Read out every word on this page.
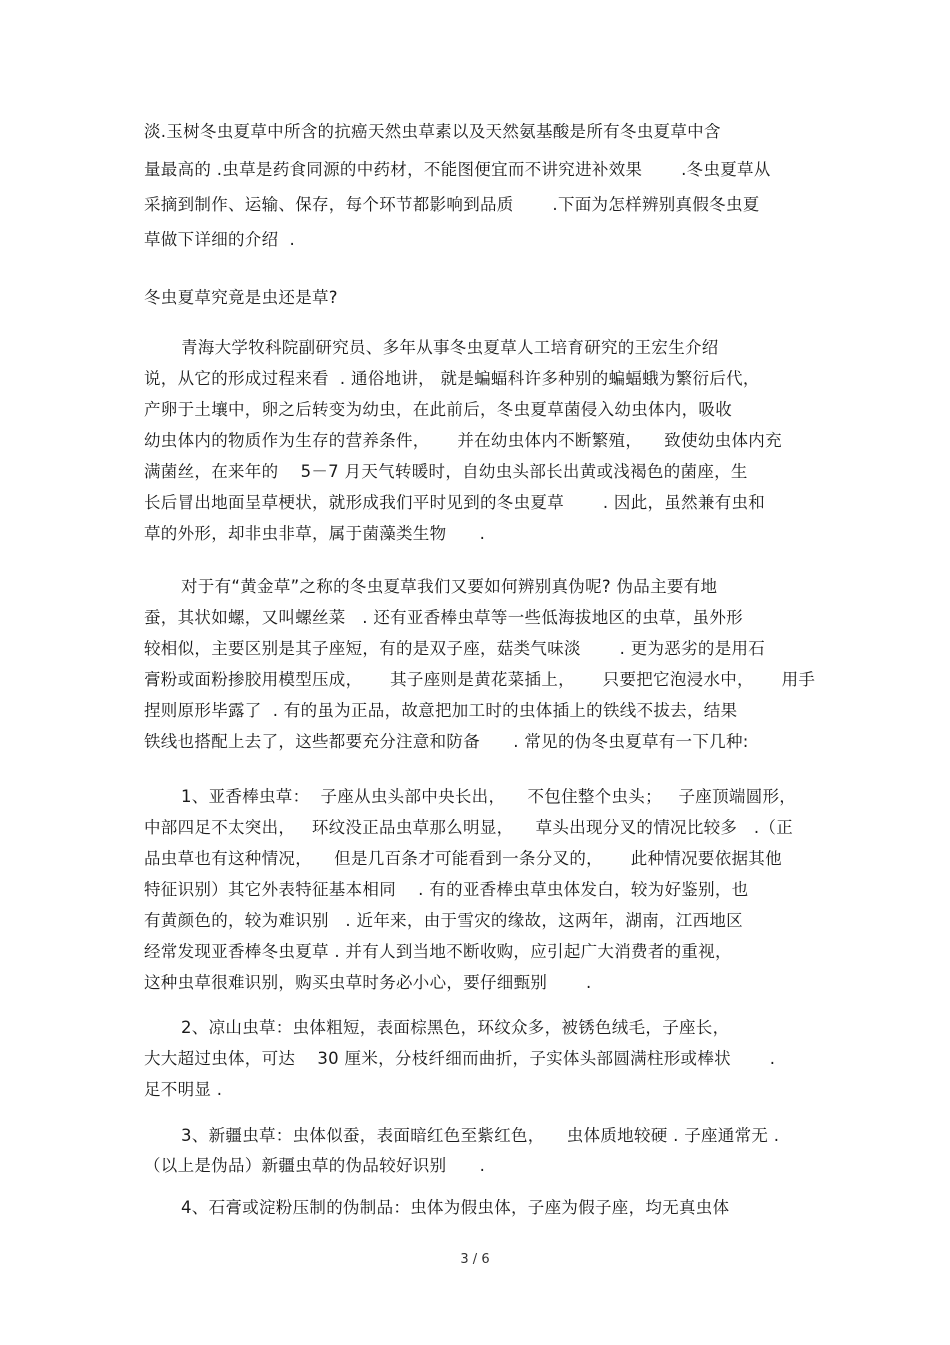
淡.玉树冬虫夏草中所含的抗癌天然虫草素以及天然氨基酸是所有冬虫夏草中含
量最高的 .虫草是药食同源的中药材，不能图便宜而不讲究进补效果       .冬虫夏草从
采摘到制作、运输、保存，每个环节都影响到品质       .下面为怎样辨别真假冬虫夏
草做下详细的介绍  .
冬虫夏草究竟是虫还是草?
青海大学牧科院副研究员、多年从事冬虫夏草人工培育研究的王宏生介绍
说，从它的形成过程来看  . 通俗地讲， 就是蝙蝠科许多种别的蝙蝠蛾为繁衍后代，
产卵于土壤中，卵之后转变为幼虫，在此前后，冬虫夏草菌侵入幼虫体内，吸收
幼虫体内的物质作为生存的营养条件，     并在幼虫体内不断繁殖，    致使幼虫体内充
满菌丝，在来年的    5－7 月天气转暖时，自幼虫头部长出黄或浅褐色的菌座，生
长后冒出地面呈草梗状，就形成我们平时见到的冬虫夏草       . 因此，虽然兼有虫和
草的外形，却非虫非草，属于菌藻类生物      .
对于有“黄金草”之称的冬虫夏草我们又要如何辨别真伪呢? 伪品主要有地
蚕，其状如螺，又叫螺丝菜   . 还有亚香棒虫草等一些低海拔地区的虫草，虽外形
较相似，主要区别是其子座短，有的是双子座，菇类气味淡       . 更为恶劣的是用石
膏粉或面粉掺胶用模型压成，     其子座则是黄花菜插上，     只要把它泡浸水中，     用手
捏则原形毕露了  . 有的虽为正品，故意把加工时的虫体插上的铁线不拔去，结果
铁线也搭配上去了，这些都要充分注意和防备      . 常见的伪冬虫夏草有一下几种:
1、亚香棒虫草：  子座从虫头部中央长出，    不包住整个虫头；   子座顶端圆形，
中部四足不太突出，   环纹没正品虫草那么明显，    草头出现分叉的情况比较多   .（正
品虫草也有这种情况，    但是几百条才可能看到一条分叉的，     此种情况要依据其他
特征识别）其它外表特征基本相同    . 有的亚香棒虫草虫体发白，较为好鉴别，也
有黄颜色的，较为难识别   . 近年来，由于雪灾的缘故，这两年，湖南，江西地区
经常发现亚香棒冬虫夏草 . 并有人到当地不断收购，应引起广大消费者的重视，
这种虫草很难识别，购买虫草时务必小心，要仔细甄别       .
2、凉山虫草：虫体粗短，表面棕黑色，环纹众多，被锈色绒毛，子座长，
大大超过虫体，可达    30 厘米，分枝纤细而曲折，子实体头部圆满柱形或棒状       .
足不明显 .
3、新疆虫草：虫体似蚕，表面暗红色至紫红色，    虫体质地较硬 . 子座通常无 .
（以上是伪品）新疆虫草的伪品较好识别      .
4、石膏或淀粉压制的伪制品：虫体为假虫体，子座为假子座，均无真虫体
3 / 6
